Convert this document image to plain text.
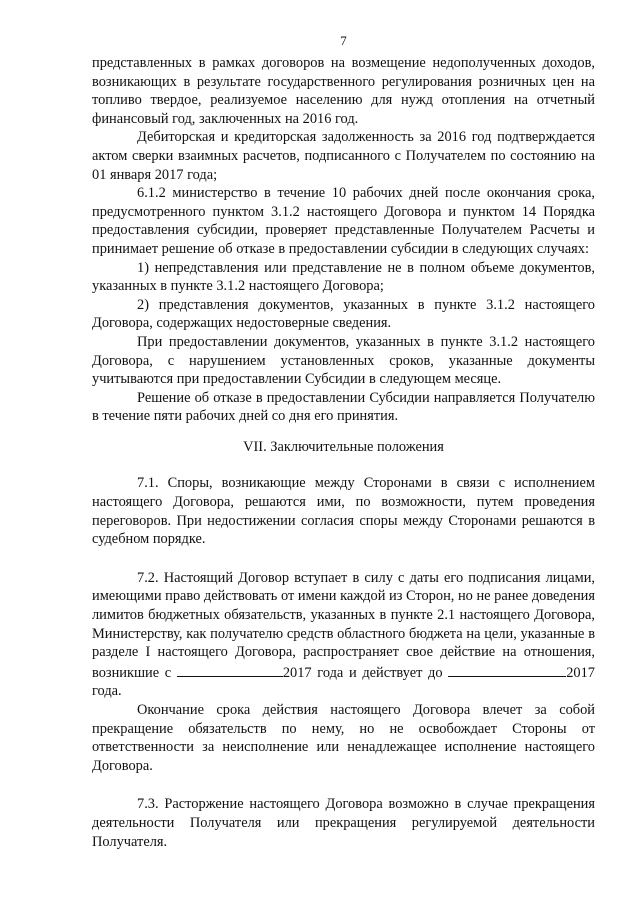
7

представленных в рамках договоров на возмещение недополученных доходов, возникающих в результате государственного регулирования розничных цен на топливо твердое, реализуемое населению для нужд отопления на отчетный финансовый год, заключенных на 2016 год.

Дебиторская и кредиторская задолженность за 2016 год подтверждается актом сверки взаимных расчетов, подписанного с Получателем по состоянию на 01 января 2017 года;

6.1.2 министерство в течение 10 рабочих дней после окончания срока, предусмотренного пунктом 3.1.2 настоящего Договора и пунктом 14 Порядка предоставления субсидии, проверяет представленные Получателем Расчеты и принимает решение об отказе в предоставлении субсидии в следующих случаях:

1) непредставления или представление не в полном объеме документов, указанных в пункте 3.1.2 настоящего Договора;

2) представления документов, указанных в пункте 3.1.2 настоящего Договора, содержащих недостоверные сведения.

При предоставлении документов, указанных в пункте 3.1.2 настоящего Договора, с нарушением установленных сроков, указанные документы учитываются при предоставлении Субсидии в следующем месяце.

Решение об отказе в предоставлении Субсидии направляется Получателю в течение пяти рабочих дней со дня его принятия.

VII. Заключительные положения

7.1. Споры, возникающие между Сторонами в связи с исполнением настоящего Договора, решаются ими, по возможности, путем проведения переговоров. При недостижении согласия споры между Сторонами решаются в судебном порядке.

7.2. Настоящий Договор вступает в силу с даты его подписания лицами, имеющими право действовать от имени каждой из Сторон, но не ранее доведения лимитов бюджетных обязательств, указанных в пункте 2.1 настоящего Договора, Министерству, как получателю средств областного бюджета на цели, указанные в разделе I настоящего Договора, распространяет свое действие на отношения, возникшие с	2017 года и действует до	2017 года.

Окончание срока действия настоящего Договора влечет за собой прекращение обязательств по нему, но не освобождает Стороны от ответственности за неисполнение или ненадлежащее исполнение настоящего Договора.

7.3. Расторжение настоящего Договора возможно в случае прекращения деятельности Получателя или прекращения регулируемой деятельности Получателя.
